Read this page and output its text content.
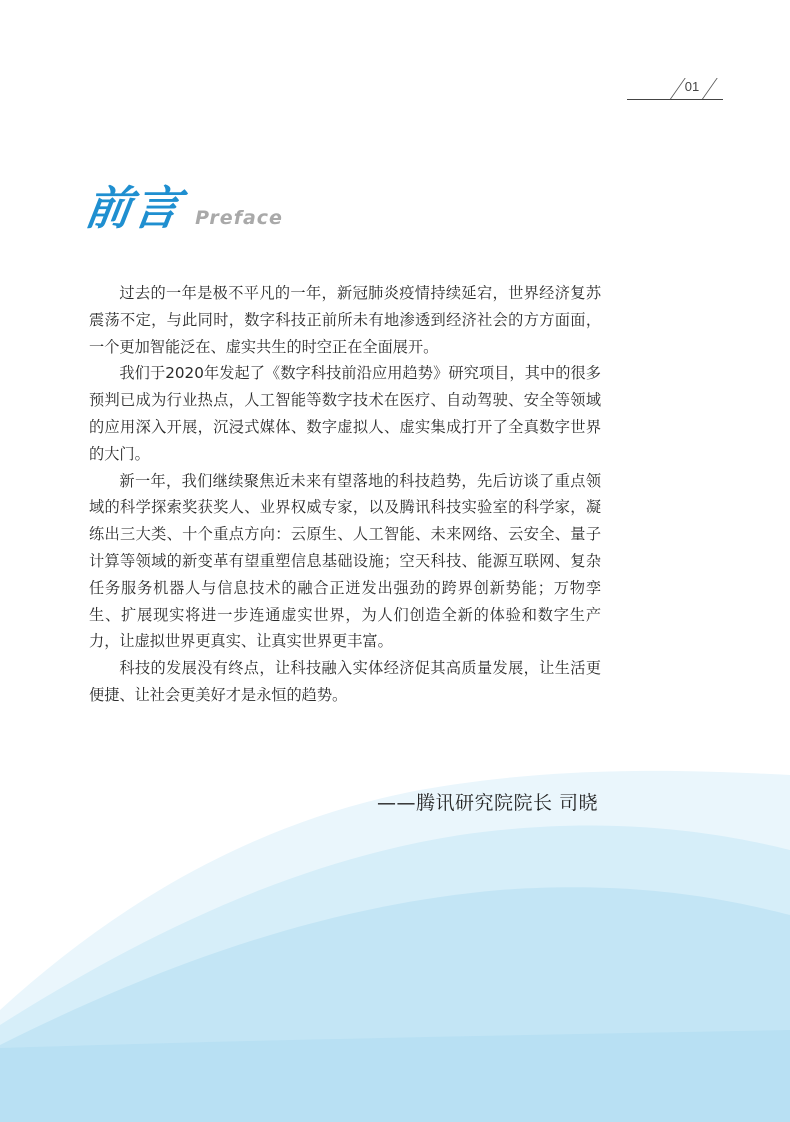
01
前言 Preface

过去的一年是极不平凡的一年，新冠肺炎疫情持续延宕，世界经济复苏震荡不定，与此同时，数字科技正前所未有地渗透到经济社会的方方面面，一个更加智能泛在、虚实共生的时空正在全面展开。

我们于2020年发起了《数字科技前沿应用趋势》研究项目，其中的很多预判已成为行业热点，人工智能等数字技术在医疗、自动驾驶、安全等领域的应用深入开展，沉浸式媒体、数字虚拟人、虚实集成打开了全真数字世界的大门。

新一年，我们继续聚焦近未来有望落地的科技趋势，先后访谈了重点领域的科学探索奖获奖人、业界权威专家，以及腾讯科技实验室的科学家，凝练出三大类、十个重点方向：云原生、人工智能、未来网络、云安全、量子计算等领域的新变革有望重塑信息基础设施；空天科技、能源互联网、复杂任务服务机器人与信息技术的融合正迸发出强劲的跨界创新势能；万物孪生、扩展现实将进一步连通虚实世界，为人们创造全新的体验和数字生产力，让虚拟世界更真实、让真实世界更丰富。

科技的发展没有终点，让科技融入实体经济促其高质量发展，让生活更便捷、让社会更美好才是永恒的趋势。

——腾讯研究院院长 司晓
